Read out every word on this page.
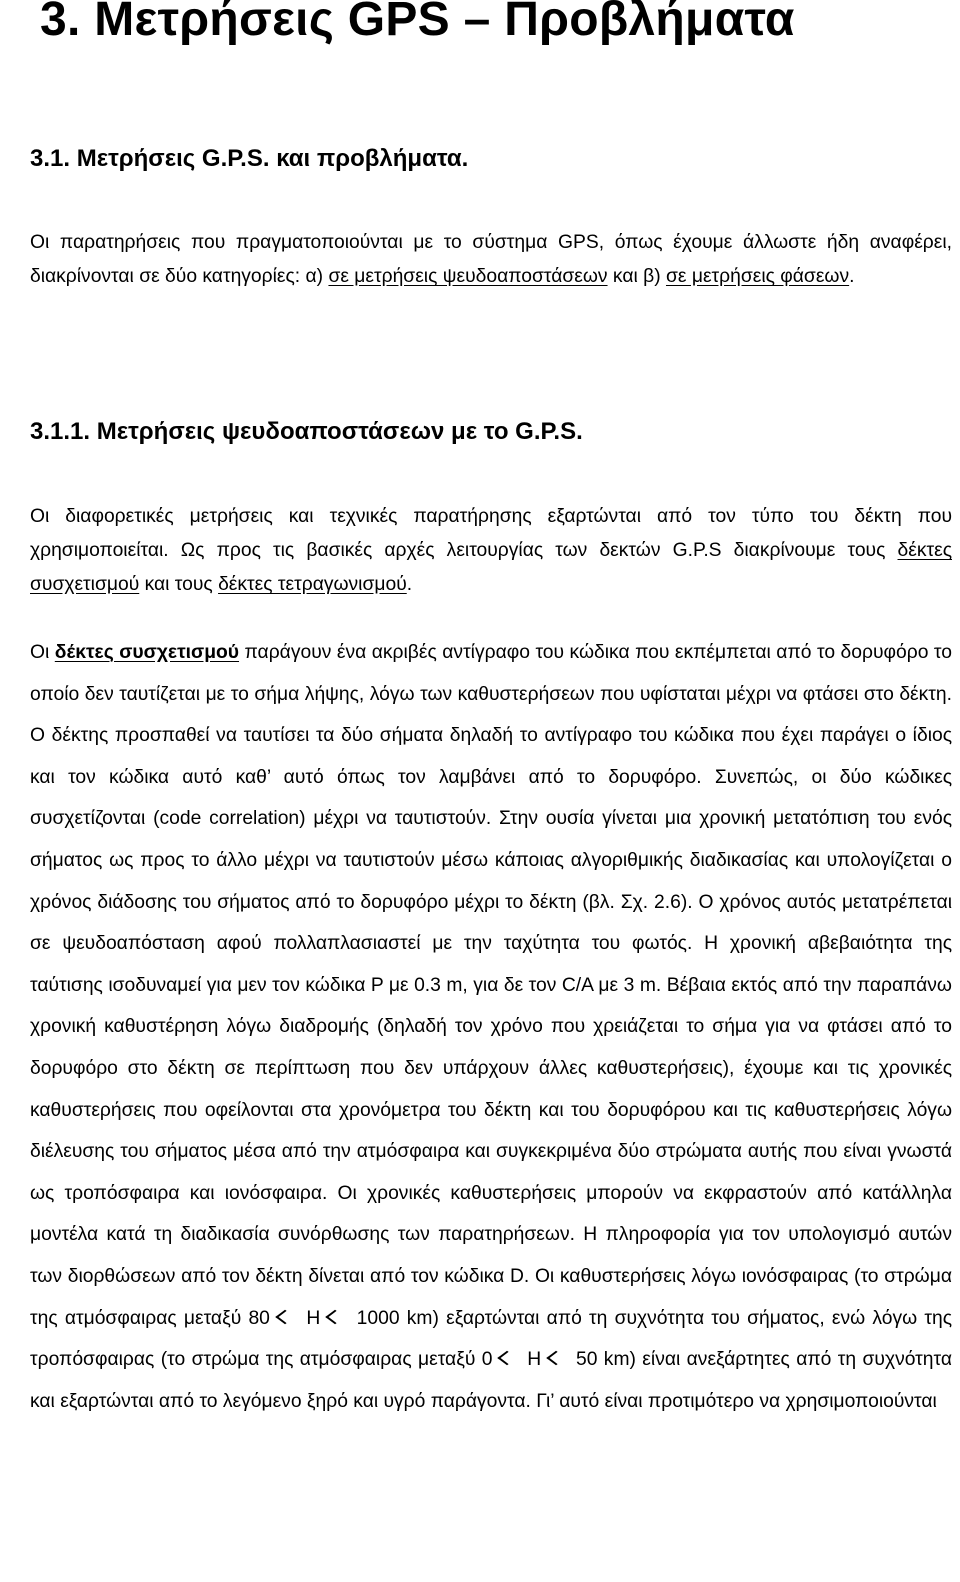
3. Μετρήσεις GPS – Προβλήματα
3.1. Μετρήσεις G.P.S. και προβλήματα.

Οι παρατηρήσεις που πραγματοποιούνται με το σύστημα GPS, όπως έχουμε άλλωστε ήδη αναφέρει, διακρίνονται σε δύο κατηγορίες: α) σε μετρήσεις ψευδοαποστάσεων και β) σε μετρήσεις φάσεων.

3.1.1. Μετρήσεις ψευδοαποστάσεων με το G.P.S.

Οι διαφορετικές μετρήσεις και τεχνικές παρατήρησης εξαρτώνται από τον τύπο του δέκτη που χρησιμοποιείται. Ως προς τις βασικές αρχές λειτουργίας των δεκτών G.P.S διακρίνουμε τους δέκτες συσχετισμού και τους δέκτες τετραγωνισμού.

Οι δέκτες συσχετισμού παράγουν ένα ακριβές αντίγραφο του κώδικα που εκπέμπεται από το δορυφόρο το οποίο δεν ταυτίζεται με το σήμα λήψης, λόγω των καθυστερήσεων που υφίσταται μέχρι να φτάσει στο δέκτη. Ο δέκτης προσπαθεί να ταυτίσει τα δύο σήματα δηλαδή το αντίγραφο του κώδικα που έχει παράγει ο ίδιος και τον κώδικα αυτό καθ’ αυτό όπως τον λαμβάνει από το δορυφόρο. Συνεπώς, οι δύο κώδικες συσχετίζονται (code correlation) μέχρι να ταυτιστούν. Στην ουσία γίνεται μια χρονική μετατόπιση του ενός σήματος ως προς το άλλο μέχρι να ταυτιστούν μέσω κάποιας αλγοριθμικής διαδικασίας και υπολογίζεται ο χρόνος διάδοσης του σήματος από το δορυφόρο μέχρι το δέκτη (βλ. Σχ. 2.6). Ο χρόνος αυτός μετατρέπεται σε ψευδοαπόσταση αφού πολλαπλασιαστεί με την ταχύτητα του φωτός. Η χρονική αβεβαιότητα της ταύτισης ισοδυναμεί για μεν τον κώδικα P με 0.3 m, για δε τον C/A με 3 m. Βέβαια εκτός από την παραπάνω χρονική καθυστέρηση λόγω διαδρομής (δηλαδή τον χρόνο που χρειάζεται το σήμα για να φτάσει από το δορυφόρο στο δέκτη σε περίπτωση που δεν υπάρχουν άλλες καθυστερήσεις), έχουμε και τις χρονικές καθυστερήσεις που οφείλονται στα χρονόμετρα του δέκτη και του δορυφόρου και τις καθυστερήσεις λόγω διέλευσης του σήματος μέσα από την ατμόσφαιρα και συγκεκριμένα δύο στρώματα αυτής που είναι γνωστά ως τροπόσφαιρα και ιονόσφαιρα. Οι χρονικές καθυστερήσεις μπορούν να εκφραστούν από κατάλληλα μοντέλα κατά τη διαδικασία συνόρθωσης των παρατηρήσεων. Η πληροφορία για τον υπολογισμό αυτών των διορθώσεων από τον δέκτη δίνεται από τον κώδικα D. Οι καθυστερήσεις λόγω ιονόσφαιρας (το στρώμα της ατμόσφαιρας μεταξύ 80  H  1000 km) εξαρτώνται από τη συχνότητα του σήματος, ενώ λόγω της τροπόσφαιρας (το στρώμα της ατμόσφαιρας μεταξύ 0  H  50 km) είναι ανεξάρτητες από τη συχνότητα και εξαρτώνται από το λεγόμενο ξηρό και υγρό παράγοντα. Γι’ αυτό είναι προτιμότερο να χρησιμοποιούνται
